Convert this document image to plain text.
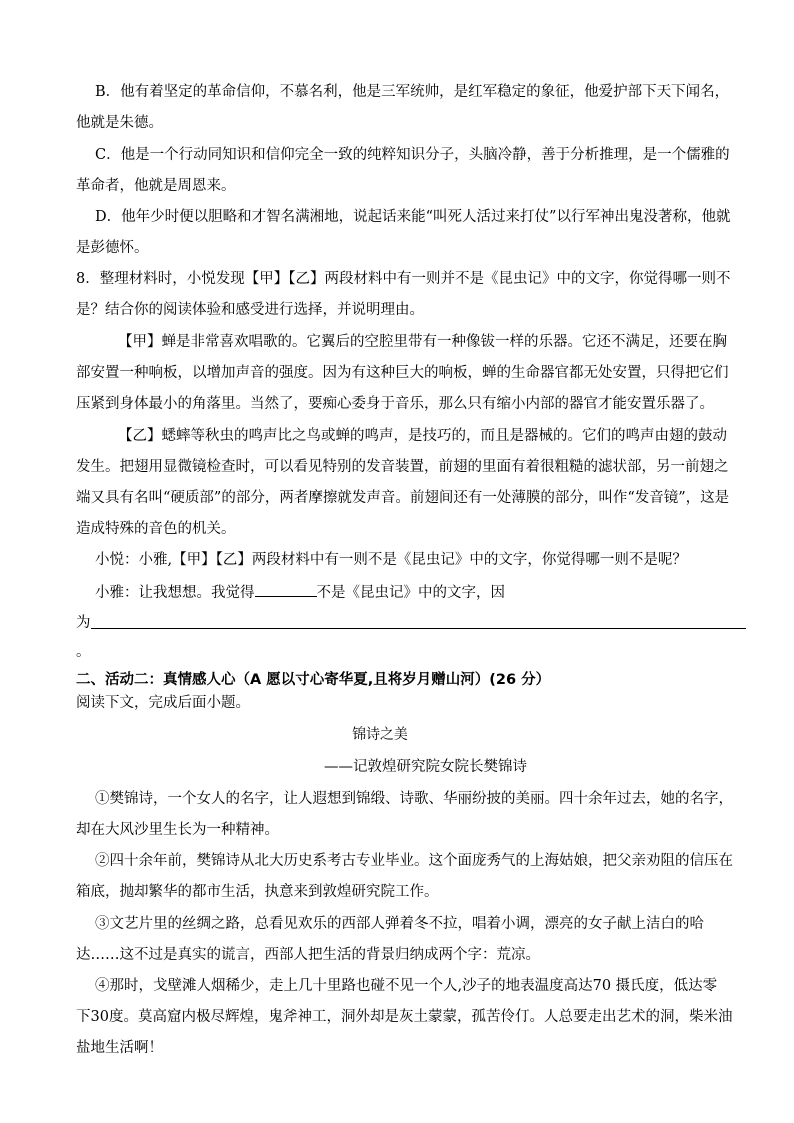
B．他有着坚定的革命信仰，不慕名利，他是三军统帅，是红军稳定的象征，他爱护部下天下闻名，
他就是朱德。
C．他是一个行动同知识和信仰完全一致的纯粹知识分子，头脑冷静，善于分析推理，是一个儒雅的
革命者，他就是周恩来。
D．他年少时便以胆略和才智名满湘地，说起话来能“叫死人活过来打仗”以行军神出鬼没著称，他就
是彭德怀。
8．整理材料时，小悦发现【甲】【乙】两段材料中有一则并不是《昆虫记》中的文字，你觉得哪一则不
是？结合你的阅读体验和感受进行选择，并说明理由。
【甲】蝉是非常喜欢唱歌的。它翼后的空腔里带有一种像钹一样的乐器。它还不满足，还要在胸
部安置一种响板，以增加声音的强度。因为有这种巨大的响板，蝉的生命器官都无处安置，只得把它们
压紧到身体最小的角落里。当然了，要痴心委身于音乐，那么只有缩小内部的器官才能安置乐器了。
【乙】蟋蟀等秋虫的鸣声比之鸟或蝉的鸣声，是技巧的，而且是器械的。它们的鸣声由翅的鼓动
发生。把翅用显微镜检查时，可以看见特别的发音装置，前翅的里面有着很粗糙的滤状部，另一前翅之
端又具有名叫“硬质部”的部分，两者摩擦就发声音。前翅间还有一处薄膜的部分，叫作“发音镜”，这是
造成特殊的音色的机关。
小悦：小雅,【甲】【乙】两段材料中有一则不是《昆虫记》中的文字，你觉得哪一则不是呢？
小雅：让我想想。我觉得	不是《昆虫记》中的文字，因
为
。
二、活动二：真情感人心（A 愿以寸心寄华夏,且将岁月赠山河）(26 分）
阅读下文，完成后面小题。
锦诗之美
——记敦煌研究院女院长樊锦诗
①樊锦诗，一个女人的名字，让人遐想到锦缎、诗歌、华丽纷披的美丽。四十余年过去，她的名字，
却在大风沙里生长为一种精神。
②四十余年前，樊锦诗从北大历史系考古专业毕业。这个面庞秀气的上海姑娘，把父亲劝阻的信压在
箱底，抛却繁华的都市生活，执意来到敦煌研究院工作。
③文艺片里的丝绸之路，总看见欢乐的西部人弹着冬不拉，唱着小调，漂亮的女子献上洁白的哈
达……这不过是真实的谎言，西部人把生活的背景归纳成两个字：荒凉。
④那时，戈壁滩人烟稀少，走上几十里路也碰不见一个人,沙子的地表温度高达70 摄氏度，低达零
下30度。莫高窟内极尽辉煌，鬼斧神工，洞外却是灰土蒙蒙，孤苦伶仃。人总要走出艺术的洞，柴米油
盐地生活啊！
